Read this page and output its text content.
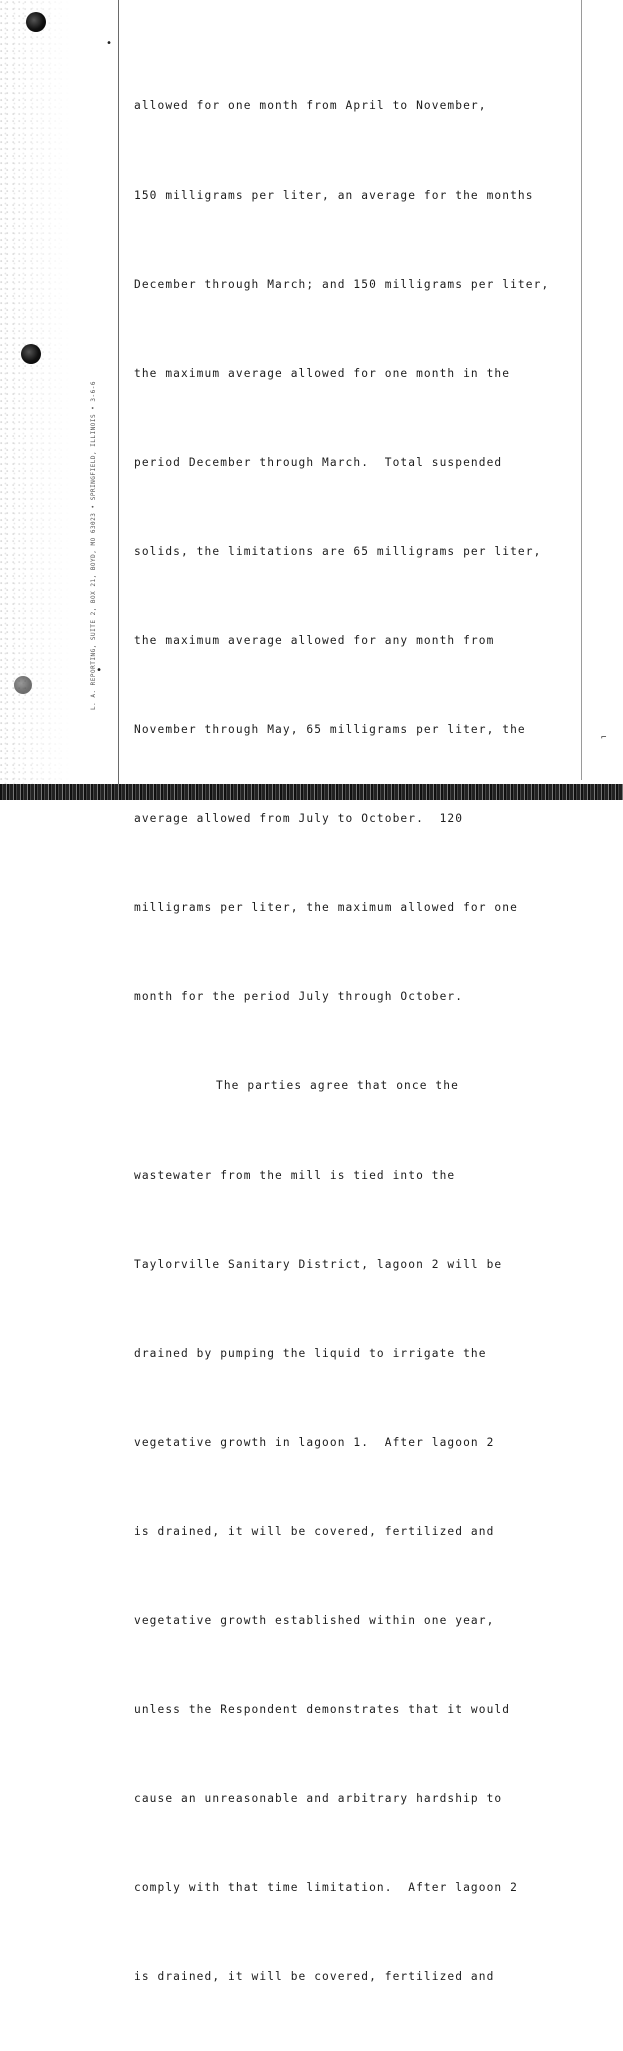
L. A. REPORTING, SUITE 2, BOX 21, BOYD, MO 63023 • SPRINGFIELD, ILLINOIS • 3-6-6
•
•

allowed for one month from April to November,

150 milligrams per liter, an average for the months

December through March; and 150 milligrams per liter,

the maximum average allowed for one month in the

period December through March.  Total suspended

solids, the limitations are 65 milligrams per liter,

the maximum average allowed for any month from

November through May, 65 milligrams per liter, the

average allowed from July to October.  120

milligrams per liter, the maximum allowed for one

month for the period July through October.

The parties agree that once the

wastewater from the mill is tied into the

Taylorville Sanitary District, lagoon 2 will be

drained by pumping the liquid to irrigate the

vegetative growth in lagoon 1.  After lagoon 2

is drained, it will be covered, fertilized and

vegetative growth established within one year,

unless the Respondent demonstrates that it would

cause an unreasonable and arbitrary hardship to

comply with that time limitation.  After lagoon 2

is drained, it will be covered, fertilized and

⌐
